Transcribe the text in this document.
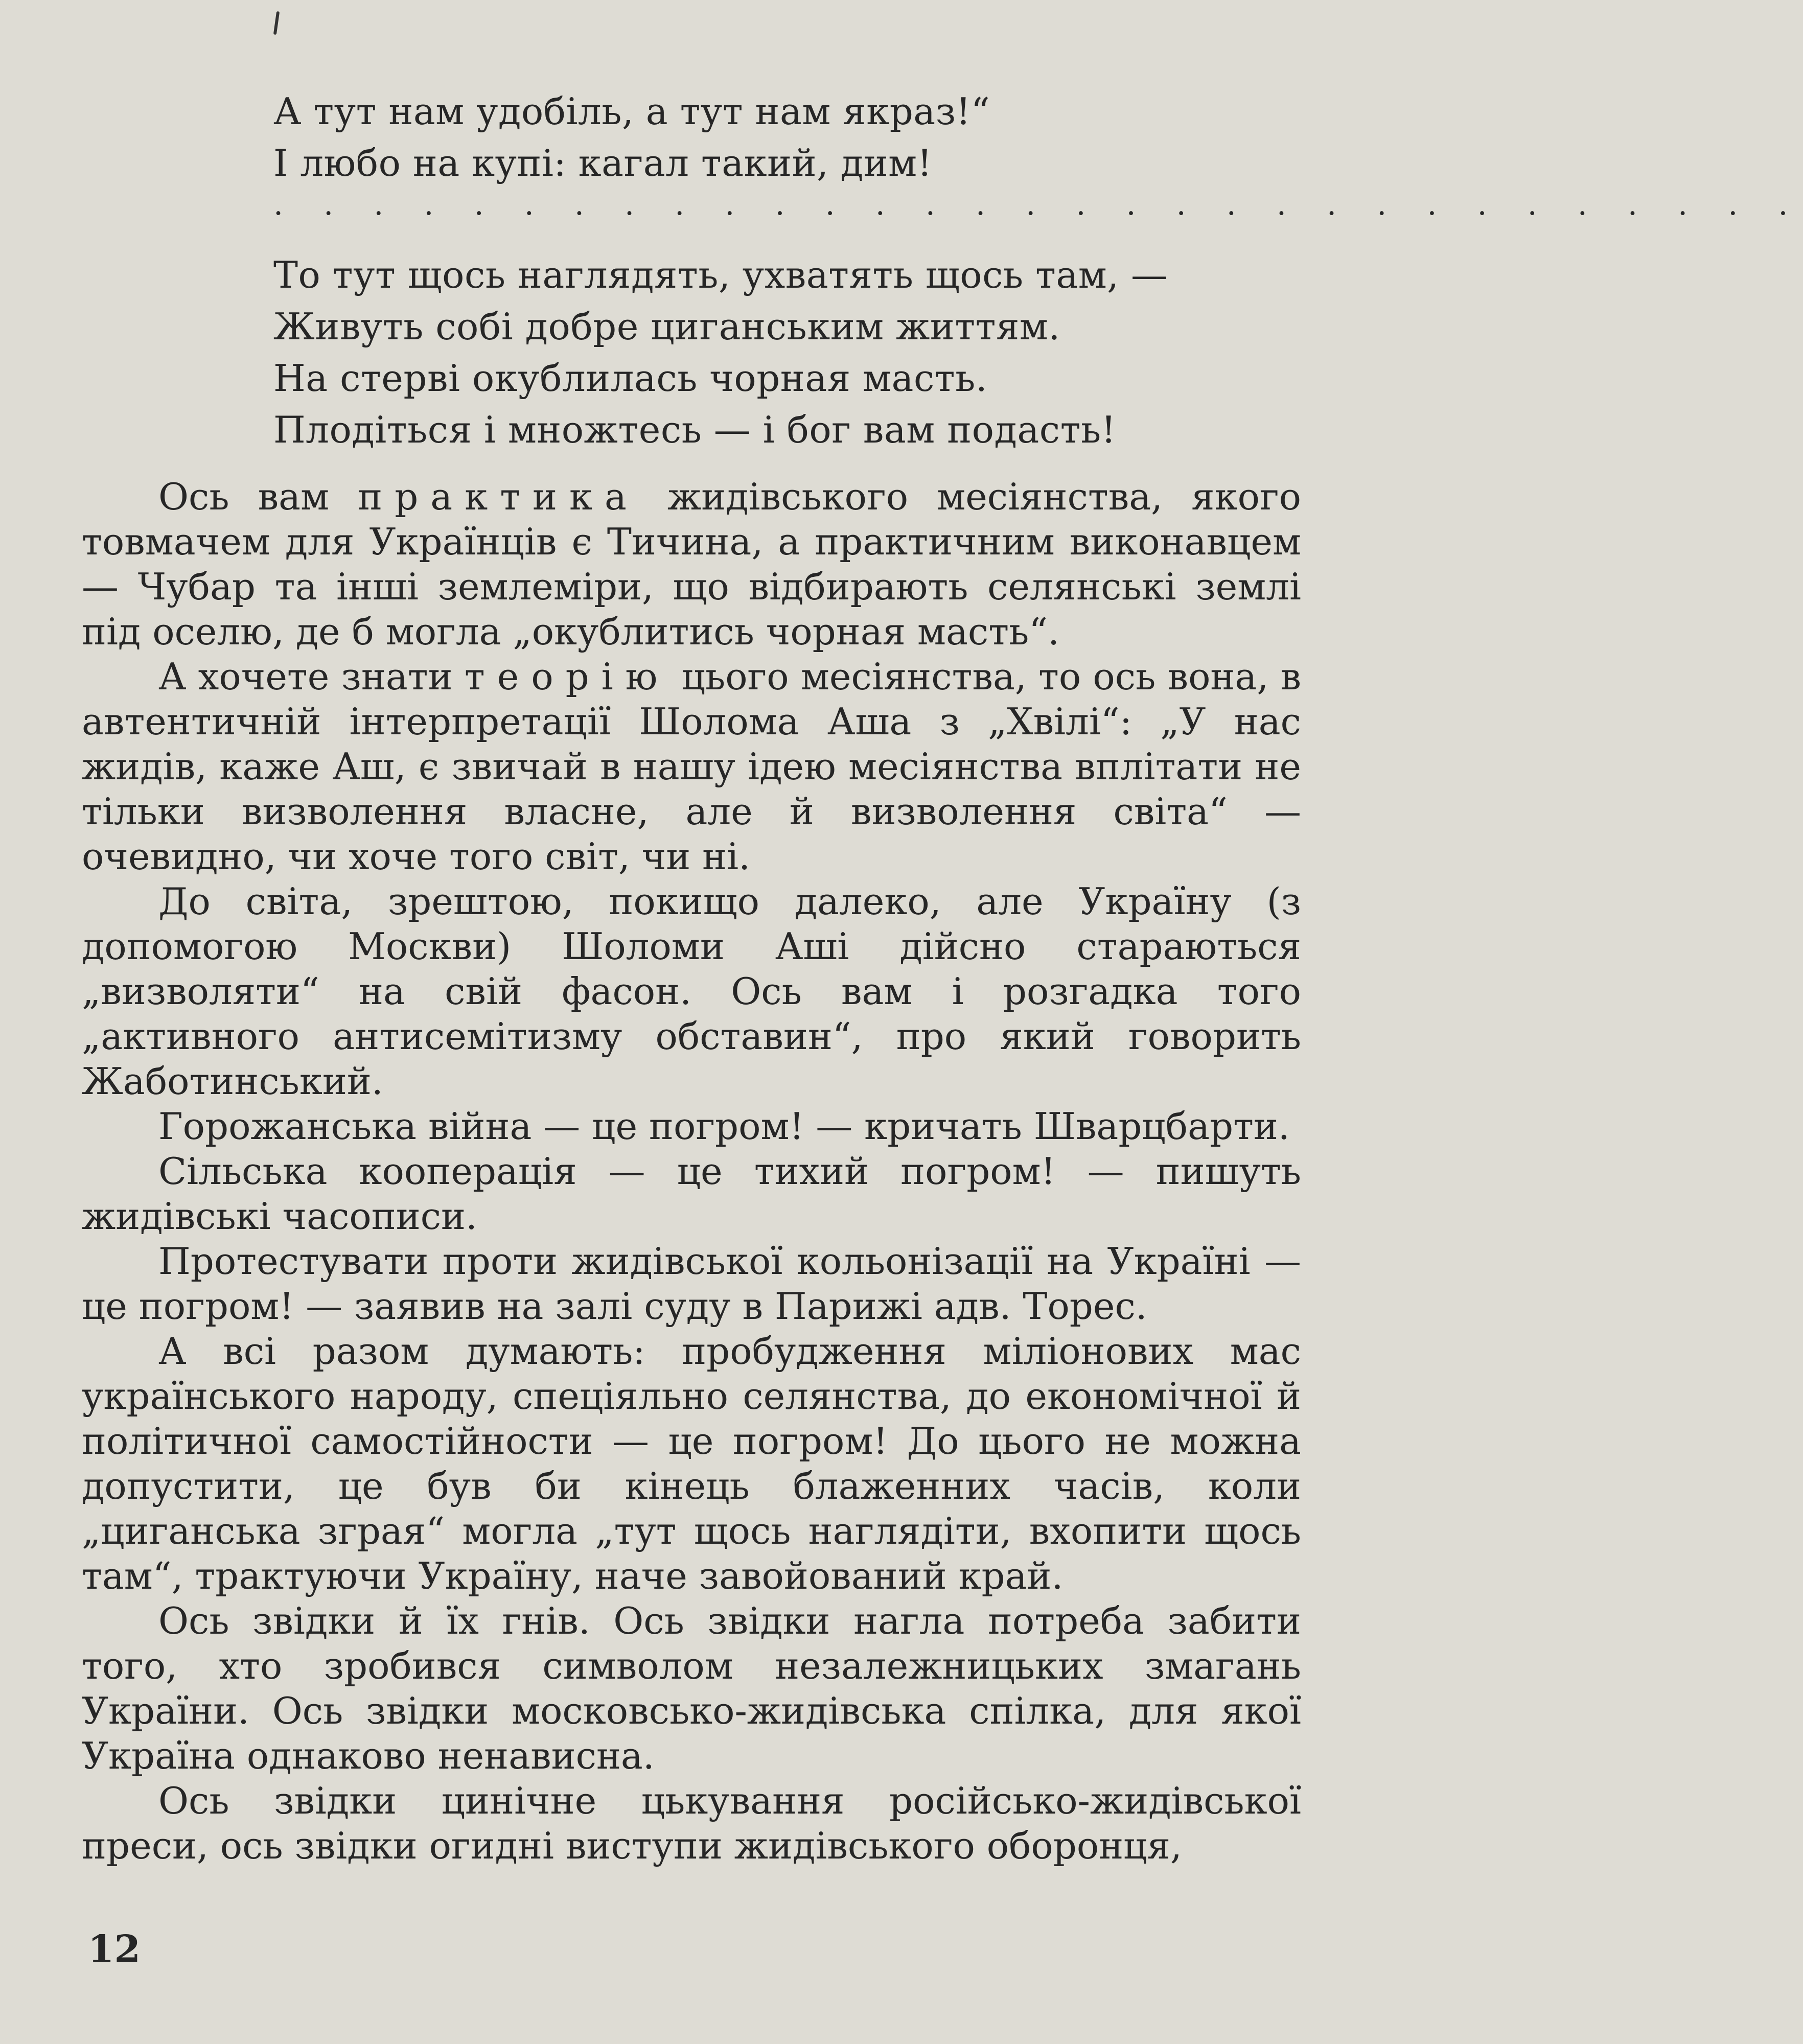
А тут нам удобіль, а тут нам якраз!“
І любо на купі: кагал такий, дим!
. . . . . . . . . . . . . . . . . . . . . . . . . . . . . . .
То тут щось наглядять, ухватять щось там, —
Живуть собі добре циганським життям.
На стерві окублилась чорная масть.
Плодіться і множтесь — і бог вам подасть!

Ось вам практика жидівського месіянства, якого товмачем для Українців є Тичина, а практичним виконавцем — Чубар та інші землеміри, що відбирають селянські землі під оселю, де б могла „окублитись чорная масть“.

А хочете знати теорію цього месіянства, то ось вона, в автентичній інтерпретації Шолома Аша з „Хвілі“: „У нас жидів, каже Аш, є звичай в нашу ідею месіянства вплітати не тільки визволення власне, але й визволення світа“ — очевидно, чи хоче того світ, чи ні.

До світа, зрештою, покищо далеко, але Україну (з допомогою Москви) Шоломи Аші дійсно стараються „визволяти“ на свій фасон. Ось вам і розгадка того „активного антисемітизму обставин“, про який говорить Жаботинський.

Горожанська війна — це погром! — кричать Шварцбарти.

Сільська кооперація — це тихий погром! — пишуть жидівські часописи.

Протестувати проти жидівської кольонізації на Україні — це погром! — заявив на залі суду в Парижі адв. Торес.

А всі разом думають: пробудження міліонових мас українського народу, спеціяльно селянства, до економічної й політичної самостійности — це погром! До цього не можна допустити, це був би кінець блаженних часів, коли „циганська зграя“ могла „тут щось наглядіти, вхопити щось там“, трактуючи Україну, наче завойований край.

Ось звідки й їх гнів. Ось звідки нагла потреба забити того, хто зробився символом незалежницьких змагань України. Ось звідки московсько-жидівська спілка, для якої Україна однаково ненависна.

Ось звідки цинічне цькування російсько-жидівської преси, ось звідки огидні виступи жидівського оборонця,

12
